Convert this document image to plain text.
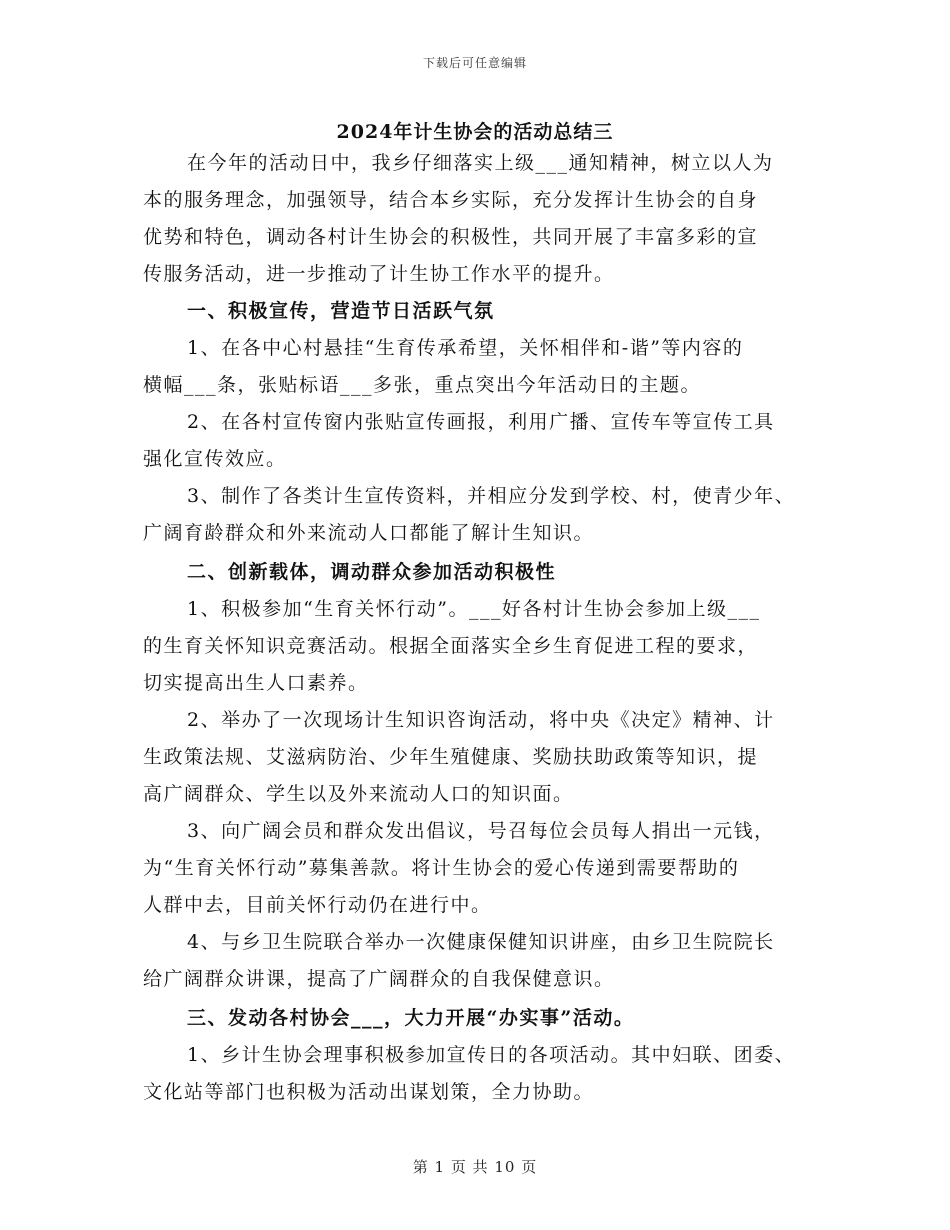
下载后可任意编辑
2024年计生协会的活动总结三

在今年的活动日中，我乡仔细落实上级___通知精神，树立以人为

本的服务理念，加强领导，结合本乡实际，充分发挥计生协会的自身

优势和特色，调动各村计生协会的积极性，共同开展了丰富多彩的宣

传服务活动，进一步推动了计生协工作水平的提升。

一、积极宣传，营造节日活跃气氛

1、在各中心村悬挂“生育传承希望，关怀相伴和-谐”等内容的

横幅___条，张贴标语___多张，重点突出今年活动日的主题。

2、在各村宣传窗内张贴宣传画报，利用广播、宣传车等宣传工具

强化宣传效应。

3、制作了各类计生宣传资料，并相应分发到学校、村，使青少年、

广阔育龄群众和外来流动人口都能了解计生知识。

二、创新载体，调动群众参加活动积极性

1、积极参加“生育关怀行动”。___好各村计生协会参加上级___

的生育关怀知识竞赛活动。根据全面落实全乡生育促进工程的要求，

切实提高出生人口素养。

2、举办了一次现场计生知识咨询活动，将中央《决定》精神、计

生政策法规、艾滋病防治、少年生殖健康、奖励扶助政策等知识，提

高广阔群众、学生以及外来流动人口的知识面。

3、向广阔会员和群众发出倡议，号召每位会员每人捐出一元钱，

为“生育关怀行动”募集善款。将计生协会的爱心传递到需要帮助的

人群中去，目前关怀行动仍在进行中。

4、与乡卫生院联合举办一次健康保健知识讲座，由乡卫生院院长

给广阔群众讲课，提高了广阔群众的自我保健意识。

三、发动各村协会___，大力开展“办实事”活动。

1、乡计生协会理事积极参加宣传日的各项活动。其中妇联、团委、

文化站等部门也积极为活动出谋划策，全力协助。

第 1 页 共 10 页
